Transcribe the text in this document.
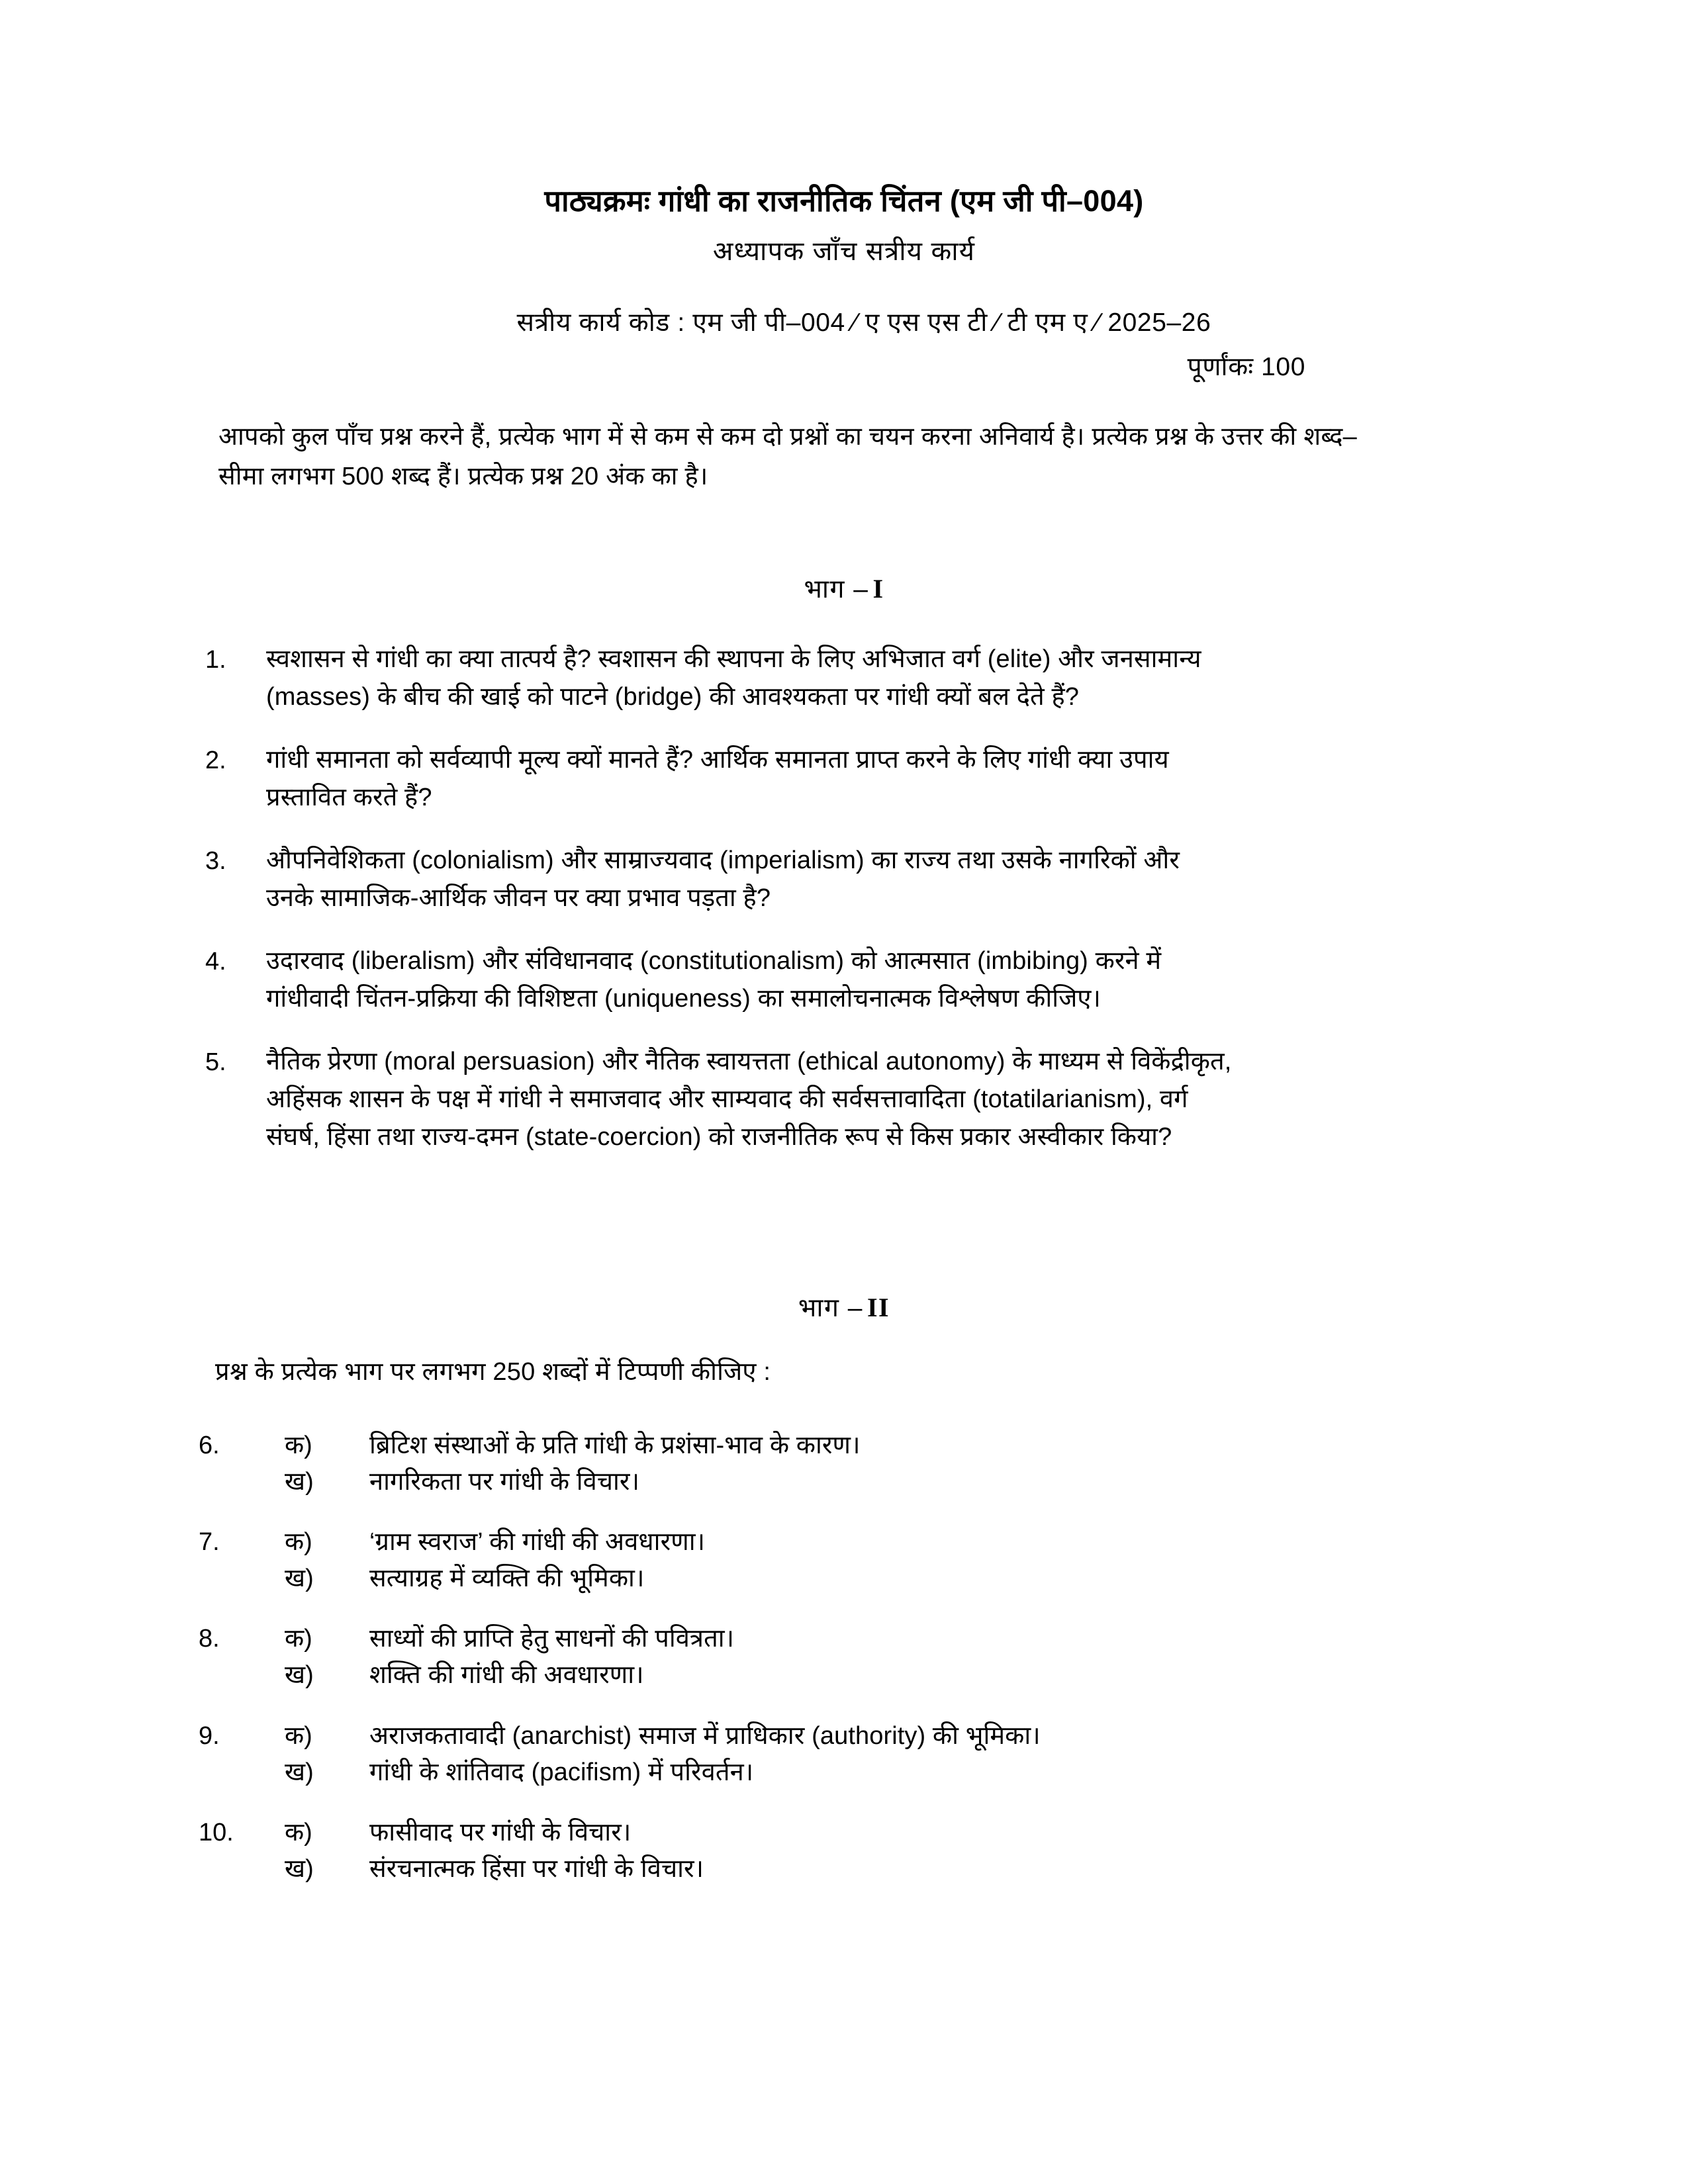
पाठ्यक्रमः गांधी का राजनीतिक चिंतन (एम जी पी–004)
अध्यापक जाँच सत्रीय कार्य
सत्रीय कार्य कोड : एम जी पी–004 ⁄ ए एस एस टी ⁄ टी एम ए ⁄ 2025–26
पूर्णांकः 100
आपको कुल पाँच प्रश्न करने हैं, प्रत्येक भाग में से कम से कम दो प्रश्नों का चयन करना अनिवार्य है। प्रत्येक प्रश्न के उत्तर की शब्द–सीमा लगभग 500 शब्द हैं। प्रत्येक प्रश्न 20 अंक का है।
भाग – I
1.	स्वशासन से गांधी का क्या तात्पर्य है? स्वशासन की स्थापना के लिए अभिजात वर्ग (elite) और जनसामान्य
(masses) के बीच की खाई को पाटने (bridge) की आवश्यकता पर गांधी क्यों बल देते हैं?
2.	गांधी समानता को सर्वव्यापी मूल्य क्यों मानते हैं? आर्थिक समानता प्राप्त करने के लिए गांधी क्या उपाय
प्रस्तावित करते हैं?
3.	औपनिवेशिकता (colonialism) और साम्राज्यवाद (imperialism) का राज्य तथा उसके नागरिकों और
उनके सामाजिक-आर्थिक जीवन पर क्या प्रभाव पड़ता है?
4.	उदारवाद (liberalism) और संविधानवाद (constitutionalism) को आत्मसात (imbibing) करने में
गांधीवादी चिंतन-प्रक्रिया की विशिष्टता (uniqueness) का समालोचनात्मक विश्लेषण कीजिए।
5.	नैतिक प्रेरणा (moral persuasion) और नैतिक स्वायत्तता (ethical autonomy) के माध्यम से विकेंद्रीकृत,
अहिंसक शासन के पक्ष में गांधी ने समाजवाद और साम्यवाद की सर्वसत्तावादिता (totatilarianism), वर्ग
संघर्ष, हिंसा तथा राज्य-दमन (state-coercion) को राजनीतिक रूप से किस प्रकार अस्वीकार किया?
भाग – II
प्रश्न के प्रत्येक भाग पर लगभग 250 शब्दों में टिप्पणी कीजिए :
6.	क)	ब्रिटिश संस्थाओं के प्रति गांधी के प्रशंसा-भाव के कारण।
ख)	नागरिकता पर गांधी के विचार।
7.	क)	‘ग्राम स्वराज’ की गांधी की अवधारणा।
ख)	सत्याग्रह में व्यक्ति की भूमिका।
8.	क)	साध्यों की प्राप्ति हेतु साधनों की पवित्रता।
ख)	शक्ति की गांधी की अवधारणा।
9.	क)	अराजकतावादी (anarchist) समाज में प्राधिकार (authority) की भूमिका।
ख)	गांधी के शांतिवाद (pacifism) में परिवर्तन।
10.	क)	फासीवाद पर गांधी के विचार।
ख)	संरचनात्मक हिंसा पर गांधी के विचार।
